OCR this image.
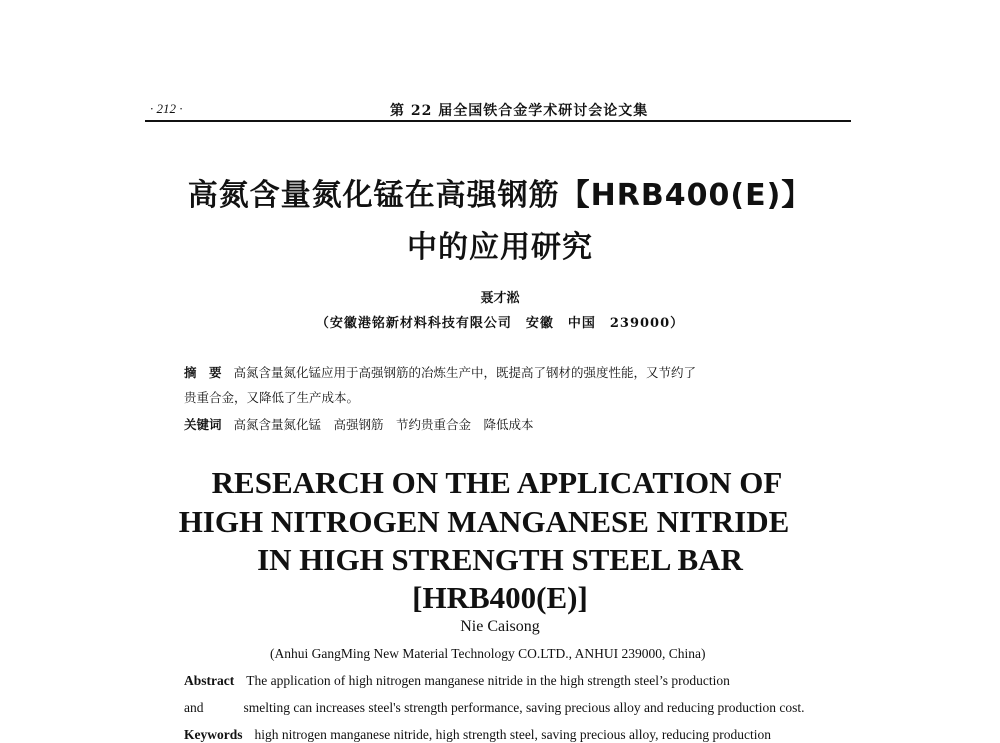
· 212 ·	第 22 届全国铁合金学术研讨会论文集
高氮含量氮化锰在高强钢筋【HRB400(E)】
中的应用研究
聂才淞
（安徽港铭新材料科技有限公司　安徽　中国　239000）
摘　要 高氮含量氮化锰应用于高强钢筋的冶炼生产中，既提高了钢材的强度性能，又节约了
贵重合金，又降低了生产成本。
关键词 高氮含量氮化锰　高强钢筋　节约贵重合金　降低成本
RESEARCH ON THE APPLICATION OF
HIGH NITROGEN MANGANESE NITRIDE
IN HIGH STRENGTH STEEL BAR
[HRB400(E)]
Nie Caisong
(Anhui GangMing New Material Technology CO.LTD., ANHUI 239000, China)
Abstract The application of high nitrogen manganese nitride in the high strength steel’s production
and	smelting can increases steel's strength performance, saving precious alloy and reducing production cost.
Keywords high nitrogen manganese nitride, high strength steel, saving precious alloy, reducing production
